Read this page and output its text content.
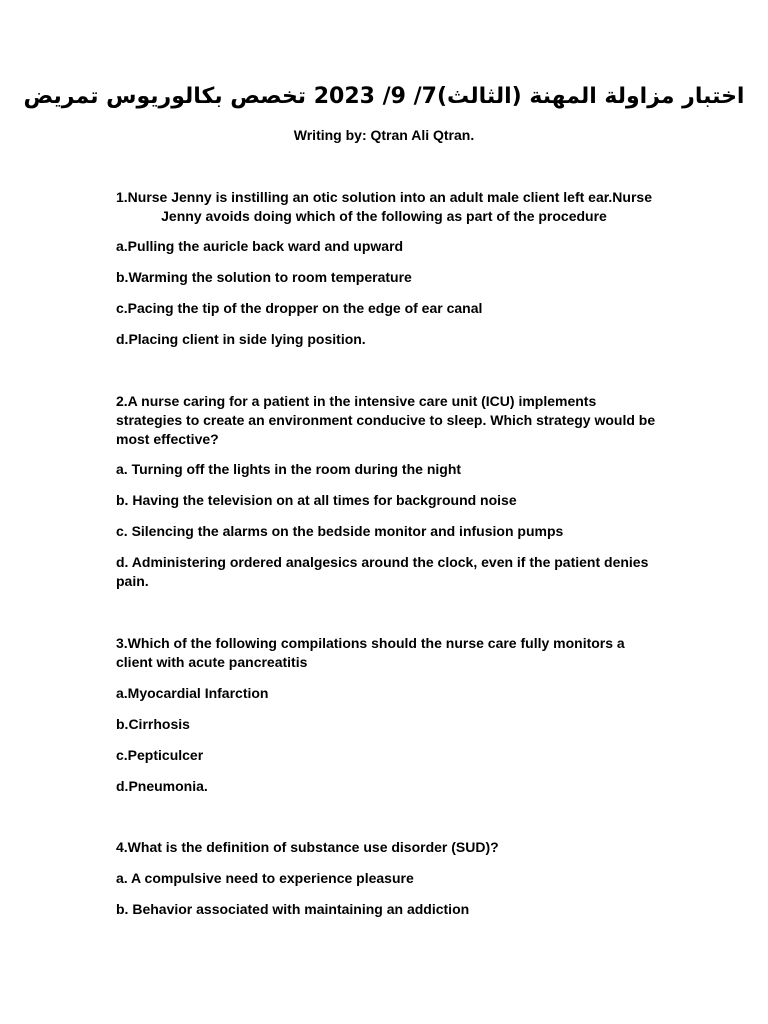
اختبار مزاولة المهنة (الثالث)7/ 9/ 2023 تخصص بكالوريوس تمريض
Writing by: Qtran Ali Qtran.
1.Nurse Jenny is instilling an otic solution into an adult male client left ear.Nurse Jenny avoids doing which of the following as part of the procedure
a.Pulling the auricle back ward and upward
b.Warming the solution to room temperature
c.Pacing the tip of the dropper on the edge of ear canal
d.Placing client in side lying position.
2.A nurse caring for a patient in the intensive care unit (ICU) implements strategies to create an environment conducive to sleep. Which strategy would be most effective?
a. Turning off the lights in the room during the night
b. Having the television on at all times for background noise
c. Silencing the alarms on the bedside monitor and infusion pumps
d. Administering ordered analgesics around the clock, even if the patient denies pain.
3.Which of the following compilations should the nurse care fully monitors a client with acute pancreatitis
a.Myocardial Infarction
b.Cirrhosis
c.Pepticulcer
d.Pneumonia.
4.What is the definition of substance use disorder (SUD)?
a. A compulsive need to experience pleasure
b. Behavior associated with maintaining an addiction
